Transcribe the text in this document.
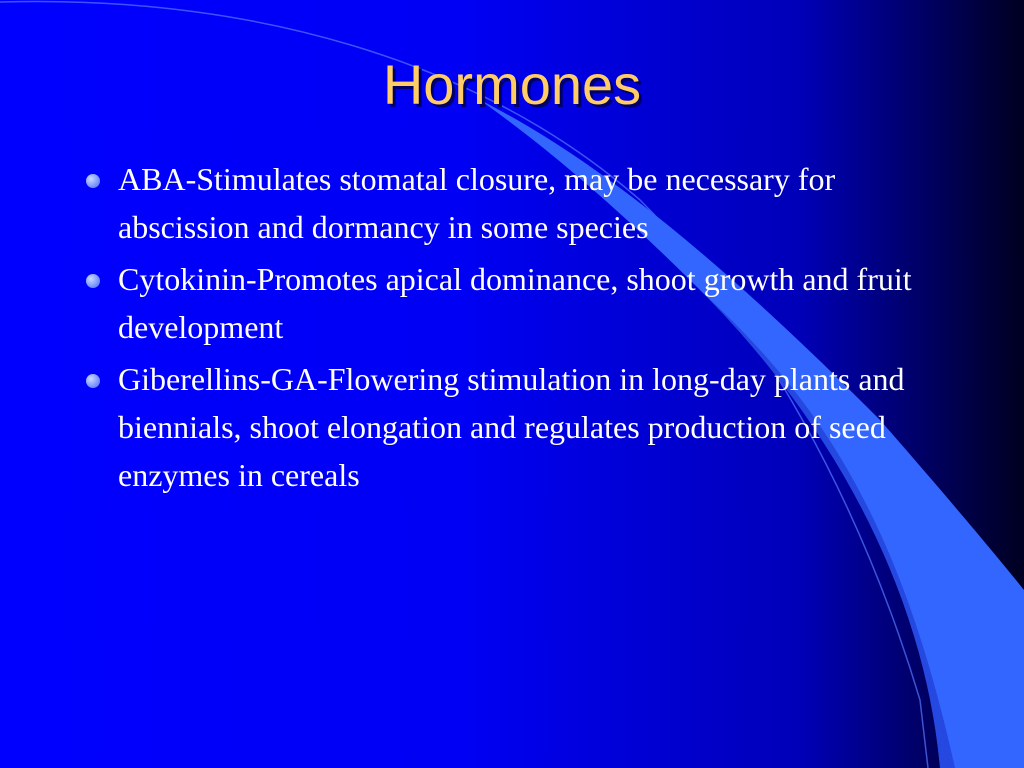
Hormones
ABA-Stimulates stomatal closure, may be necessary for abscission and dormancy in some species
Cytokinin-Promotes apical dominance, shoot growth and fruit development
Giberellins-GA-Flowering stimulation in long-day plants and biennials, shoot elongation and regulates production of seed enzymes in cereals
